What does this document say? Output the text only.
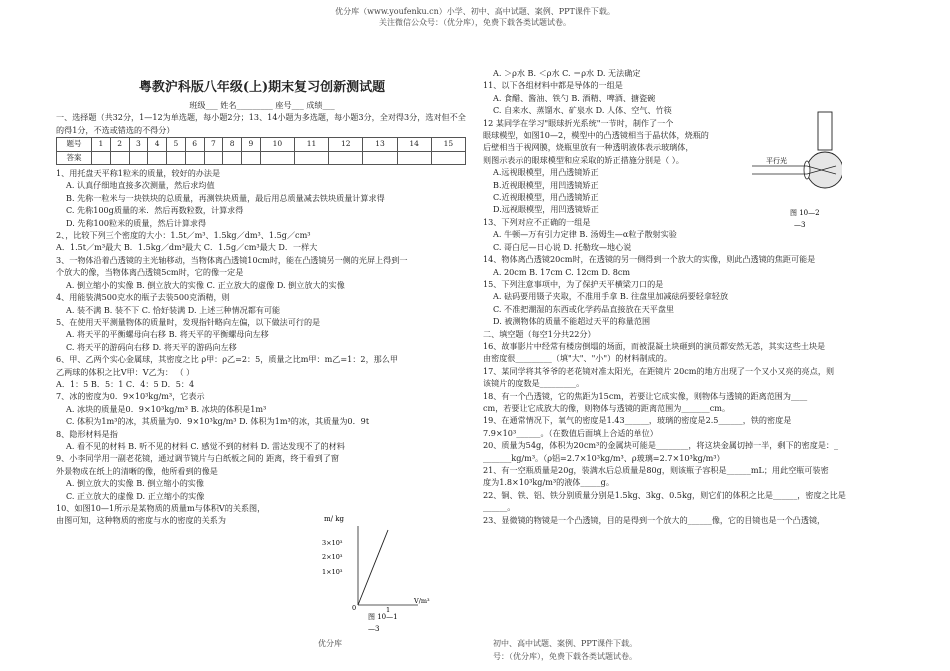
优分库（www.youfenku.cn）小学、初中、高中试题、案例、PPT课件下载。
关注微信公众号：（优分库），免费下载各类试题试卷。

粤教沪科版八年级(上)期末复习创新测试题

班级___ 姓名_________ 座号___ 成绩___

一、选择题（共32分，1—12为单选题，每小题2分；13、14小题为多选题，每小题3分，全对得3分，选对但不全的得1分，不选或错选的不得分）

题号	1	2	3	4	5	6	7	8	9	10	11	12	13	14	15
答案															

1、用托盘天平称1粒米的质量，较好的办法是

A. 认真仔细地直接多次测量，然后求均值

B. 先称一粒米与一块铁块的总质量，再测铁块质量，最后用总质量减去铁块质量计算求得

C. 先称100g质量的米．然后再数粒数，计算求得

D. 先称100粒米的质量，然后计算求得

2、，比较下列三个密度的大小：1.5t／m³、1.5kg／dm³、1.5g／cm³

A．1.5t／m³最大 B．1.5kg／dm³最大 C．1.5g／cm³最大 D．一样大

3、一物体沿着凸透镜的主光轴移动，当物体离凸透镜10cm时，能在凸透镜另一侧的光屏上得到一

个放大的像，当物体离凸透镜5cm时，它的像一定是

A. 倒立缩小的实像 B. 倒立放大的实像 C. 正立放大的虚像 D. 倒立放大的实像

4、用能装满500克水的瓶子去装500克酒精，则

A. 装不满 B. 装不下 C. 恰好装满 D. 上述三种情况都有可能

5、在使用天平测量物体的质量时，发现指针略向左偏，以下做法可行的是

A. 将天平的平衡螺母向右移 B. 将天平的平衡螺母向左移

C. 将天平的游码向右移 D. 将天平的游码向左移

6、甲、乙两个实心金属球，其密度之比 ρ甲：ρ乙=2：5，质量之比m甲：m乙=1：2，那么甲

乙两球的体积之比V甲：V乙为： （ ）

A．1：5 B．5：1 C．4：5 D．5：4

7、冰的密度为0．9×10³kg/m³，它表示

A. 冰块的质量是0．9×10³kg/m³ B. 冰块的体积是1m³

C. 体积为1m³的冰，其质量为0．9×10³kg/m³ D. 体积为1m³的冰，其质量为0．9t

8、隐形材料是指

A. 看不见的材料 B. 听不见的材料 C. 感觉不到的材料 D. 雷达发现不了的材料

9、小李同学用一副老花镜，通过调节镜片与白纸板之间的 距离，终于看到了窗

外景物成在纸上的清晰的像，他所看到的像是

A. 倒立放大的实像 B. 倒立缩小的实像

C. 正立放大的虚像 D. 正立缩小的实像

10、如图10—1所示是某物质的质量m与体积V的关系图，

由图可知，这种物质的密度与水的密度的关系为	m/ kg
3×10³
2×10³
1×10³
0	1
V/m³
图 10—1
—3

A. ＞ρ水 B. ＜ρ水 C. ＝ρ水 D. 无法确定

11、以下各组材料中都是导体的一组是

A. 食醋、酱油、铁勺 B. 酒精、啤酒、搪瓷碗

C. 自来水、蒸馏水、矿泉水 D. 人体、空气、竹筷

12 某同学在学习"眼球折光系统"一节时，制作了一个

眼球模型，如图10—2，模型中的凸透镜相当于晶状体，烧瓶的

后壁相当于视网膜，烧瓶里放有一种透明液体表示玻璃体，

则图示表示的眼球模型和应采取的矫正措施分别是（ ）。

A.远视眼模型，用凸透镜矫正

B.近视眼模型，用凹透镜矫正

C.近视眼模型，用凸透镜矫正

D.远视眼模型，用凹透镜矫正

13、下列对应不正确的一组是

A. 牛顿—万有引力定律 B. 汤姆生—α粒子散射实验

C. 哥白尼—日心说 D. 托勒玫—地心说

14、物体离凸透镜20cm时，在透镜的另一侧得到一个放大的实像，则此凸透镜的焦距可能是

A. 20cm B. 17cm C. 12cm D. 8cm

15、下列注意事项中，为了保护天平横梁刀口的是

A. 砝码要用镊子夹取，不准用手拿 B. 往盘里加减砝码要轻拿轻放

C. 不准把潮湿的东西或化学药品直接放在天平盘里

D. 被测物体的质量不能超过天平的称量范围

二、填空题（每空1分共22分）

16、故事影片中经常有楼房倒塌的场面，而被混凝土块砸到的演员都安然无恙，其实这些土块是

由密度很_________（填"大"、"小"）的材料制成的。

17、某同学将其爷爷的老花镜对准太阳光，在距镜片 20cm的地方出现了一个又小又亮的亮点，则

该镜片的度数是_________。

18、有一个凸透镜，它的焦距为15cm，若要让它成实像，则物体与透镜的距离范围为____

cm，若要让它成放大的像，则物体与透镜的距离范围为_______cm。

19、在通常情况下，氧气的密度是1.43______，玻璃的密度是2.5______，铁的密度是

7.9×10³______。（在数值后面填上合适的单位）

20、质量为54g，体积为20cm³的金属块可能是________，将这块金属切掉一半，剩下的密度是：_

_______kg/m³。（ρ铝=2.7×10³kg/m³、ρ玻璃=2.7×10³kg/m³）

21、有一空瓶质量是20g，装满水后总质量是80g，则该瓶子容积是______mL；用此空瓶可装密

度为1.8×10³kg/m³的液体_____g。

22、铜、铁、铝、铁分别质量分别是1.5kg、3kg、0.5kg，则它们的体积之比是______，密度之比是

______。

23、显微镜的物镜是一个凸透镜，目的是得到一个放大的______像，它的目镜也是一个凸透镜，

平行光
图 10—2
—3
优分库	初中、高中试题、案例、PPT课件下载。
号：（优分库），免费下载各类试题试卷。
